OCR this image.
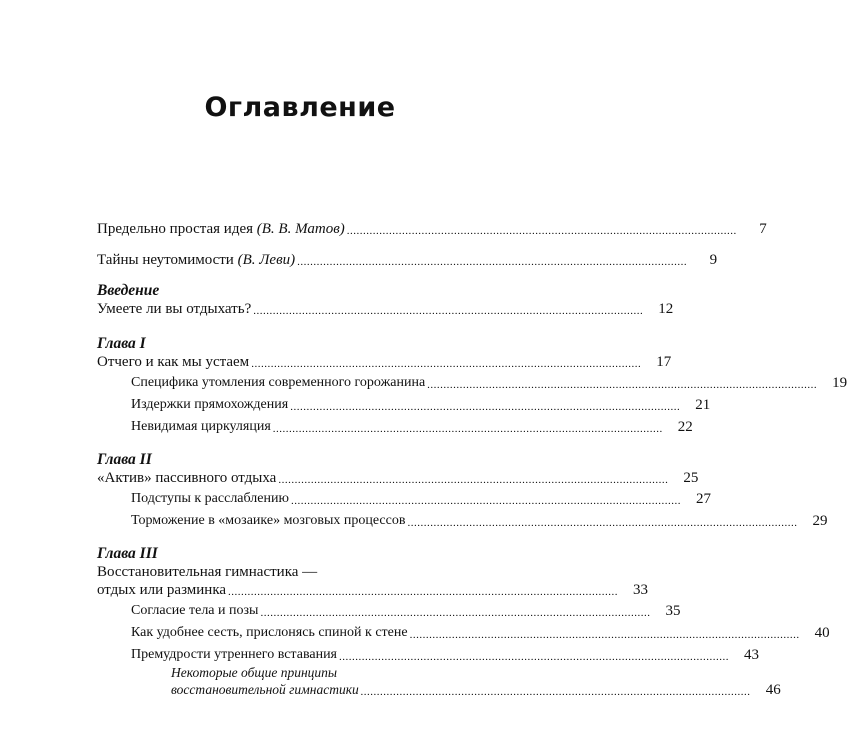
Оглавление
Предельно простая идея (В. В. Матов) ........................................................................................................................	7
Тайны неутомимости (В. Леви) ........................................................................................................................	9
Введение
Умеете ли вы отдыхать? ........................................................................................................................	12
Глава I
Отчего и как мы устаем ........................................................................................................................	17
Специфика утомления современного горожанина ........................................................................................................................	19
Издержки прямохождения ........................................................................................................................	21
Невидимая циркуляция ........................................................................................................................	22
Глава II
«Актив» пассивного отдыха ........................................................................................................................	25
Подступы к расслаблению ........................................................................................................................	27
Торможение в «мозаике» мозговых процессов ........................................................................................................................	29
Глава III
Восстановительная гимнастика —
отдых или разминка ........................................................................................................................	33
Согласие тела и позы ........................................................................................................................	35
Как удобнее сесть, прислонясь спиной к стене ........................................................................................................................	40
Премудрости утреннего вставания ........................................................................................................................	43
Некоторые общие принципы
восстановительной гимнастики ........................................................................................................................	46
